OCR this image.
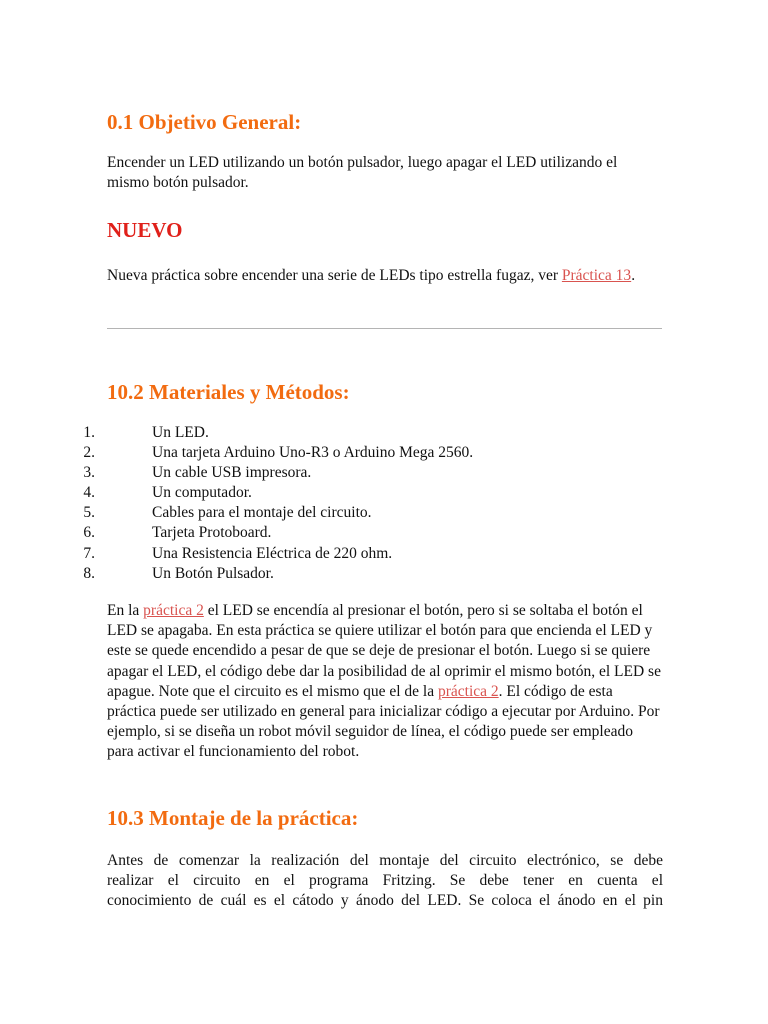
0.1 Objetivo General:

Encender un LED utilizando un botón pulsador, luego apagar el LED utilizando el mismo botón pulsador.

NUEVO

Nueva práctica sobre encender una serie de LEDs tipo estrella fugaz, ver Práctica 13.

10.2 Materiales y Métodos:
1.	Un LED.
2.	Una tarjeta Arduino Uno-R3 o Arduino Mega 2560.
3.	Un cable USB impresora.
4.	Un computador.
5.	Cables para el montaje del circuito.
6.	Tarjeta Protoboard.
7.	Una Resistencia Eléctrica de 220 ohm.
8.	Un Botón Pulsador.

En la práctica 2 el LED se encendía al presionar el botón, pero si se soltaba el botón el LED se apagaba. En esta práctica se quiere utilizar el botón para que encienda el LED y este se quede encendido a pesar de que se deje de presionar el botón. Luego si se quiere apagar el LED, el código debe dar la posibilidad de al oprimir el mismo botón, el LED se apague. Note que el circuito es el mismo que el de la práctica 2. El código de esta práctica puede ser utilizado en general para inicializar código a ejecutar por Arduino. Por ejemplo, si se diseña un robot móvil seguidor de línea, el código puede ser empleado para activar el funcionamiento del robot.

10.3 Montaje de la práctica:
Antes de comenzar la realización del montaje del circuito electrónico, se debe
realizar el circuito en el programa Fritzing. Se debe tener en cuenta el
conocimiento de cuál es el cátodo y ánodo del LED. Se coloca el ánodo en el pin
